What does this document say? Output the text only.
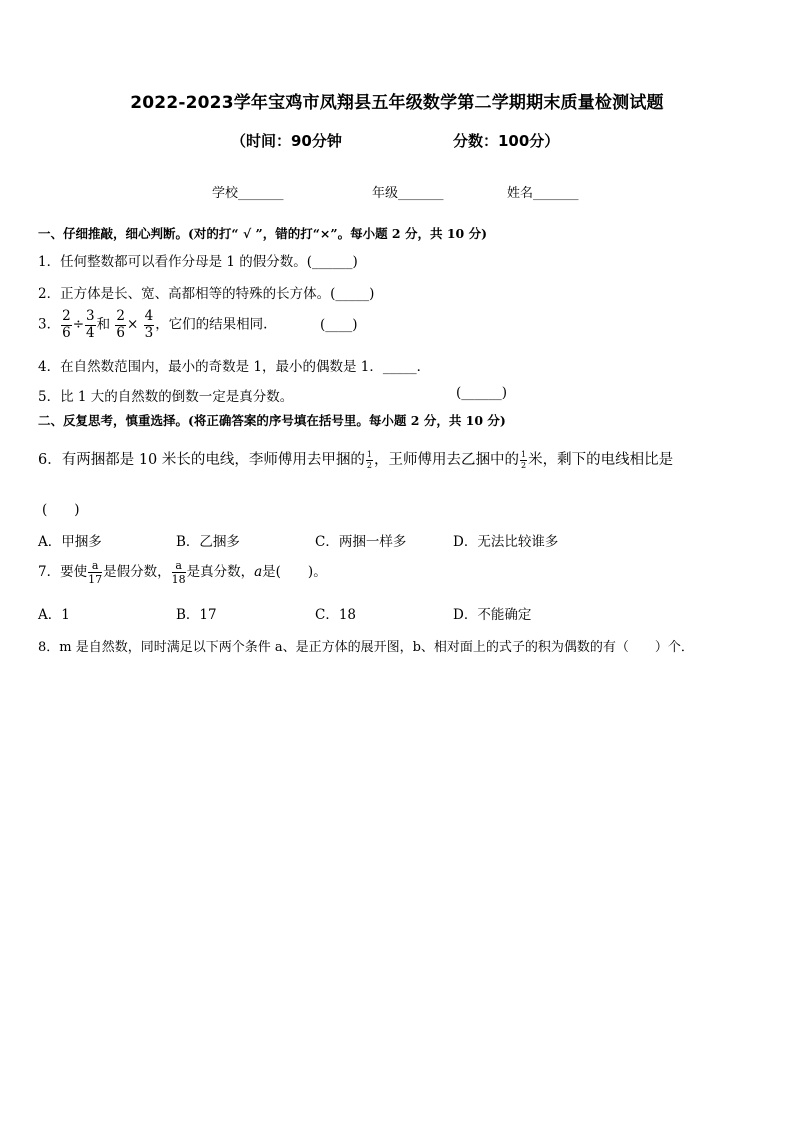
2022-2023学年宝鸡市凤翔县五年级数学第二学期期末质量检测试题
（时间：90分钟	分数：100分）
学校_______	年级_______	姓名_______
一、仔细推敲，细心判断。(对的打“ √ ”，错的打“×”。每小题 2 分，共 10 分)
1．任何整数都可以看作分母是 1 的假分数。(______)
2．正方体是长、宽、高都相等的特殊的长方体。(_____)
3． $\frac{2}{6} \div \frac{3}{4}$ 和 $\frac{2}{6} \times \frac{4}{3}$ ，它们的结果相同.	(____)
4．在自然数范围内，最小的奇数是 1，最小的偶数是 1．_____．
5．比 1 大的自然数的倒数一定是真分数。	(______)
二、反复思考，慎重选择。(将正确答案的序号填在括号里。每小题 2 分，共 10 分)
6．有两捆都是 10 米长的电线，李师傅用去甲捆的 $\frac{1}{2}$ ，王师傅用去乙捆中的 $\frac{1}{2}$ 米，剩下的电线相比是
(　　)
A．甲捆多	B．乙捆多	C．两捆一样多	D．无法比较谁多
7．要使 $\frac{a}{17}$ 是假分数， $\frac{a}{18}$ 是真分数，a是(　　)。
A．1	B．17	C．18	D．不能确定
8．m 是自然数，同时满足以下两个条件 a、是正方体的展开图，b、相对面上的式子的积为偶数的有（　　）个．
